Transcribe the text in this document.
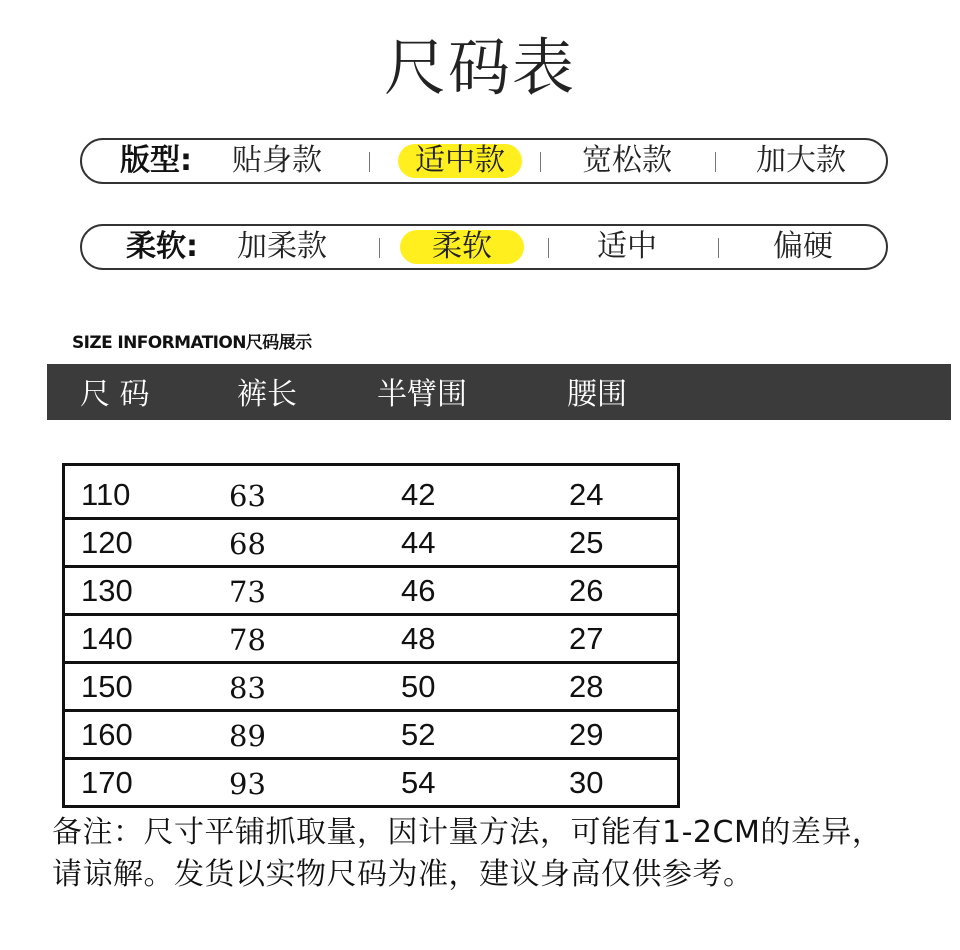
尺码表
版型:	贴身款	适中款	宽松款	加大款
柔软: 加柔款	柔软	适中	偏硬
SIZE INFORMATION尺码展示
尺 码	裤长	半臂围	腰围
110	63	42	24
120	68	44	25
130	73	46	26
140	78	48	27
150	83	50	28
160	89	52	29
170	93	54	30
备注：尺寸平铺抓取量，因计量方法，可能有1-2CM的差异，
请谅解。发货以实物尺码为准，建议身高仅供参考。
